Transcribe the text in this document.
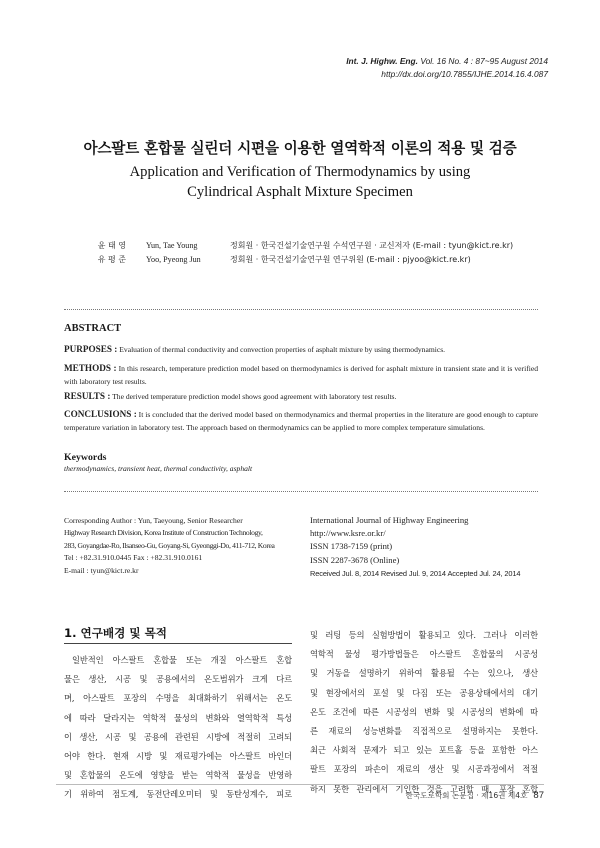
Int. J. Highw. Eng. Vol. 16 No. 4 : 87~95 August 2014
http://dx.doi.org/10.7855/IJHE.2014.16.4.087
아스팔트 혼합물 실린더 시편을 이용한 열역학적 이론의 적용 및 검증
Application and Verification of Thermodynamics by using
Cylindrical Asphalt Mixture Specimen
윤 태 영
유 평 준
Yun, Tae Young
Yoo, Pyeong Jun
정회원 · 한국건설기술연구원 수석연구원 · 교신저자 (E-mail : tyun@kict.re.kr)
정회원 · 한국건설기술연구원 연구위원 (E-mail : pjyoo@kict.re.kr)
ABSTRACT
PURPOSES : Evaluation of thermal conductivity and convection properties of asphalt mixture by using thermodynamics.
METHODS : In this research, temperature prediction model based on thermodynamics is derived for asphalt mixture in transient state and it is verified with laboratory test results.
RESULTS : The derived temperature prediction model shows good agreement with laboratory test results.
CONCLUSIONS : It is concluded that the derived model based on thermodynamics and thermal properties in the literature are good enough to capture temperature variation in laboratory test. The approach based on thermodynamics can be applied to more complex temperature simulations.
Keywords
thermodynamics, transient heat, thermal conductivity, asphalt
Corresponding Author : Yun, Taeyoung, Senior Researcher
Highway Research Division, Korea Institute of Construction Technology,
283, Goyangdae-Ro, Ilsanseo-Gu, Goyang-Si, Gyeonggi-Do, 411-712, Korea
Tel : +82.31.910.0445 Fax : +82.31.910.0161
E-mail : tyun@kict.re.kr
International Journal of Highway Engineering
http://www.ksre.or.kr/
ISSN 1738-7159 (print)
ISSN 2287-3678 (Online)
Received Jul. 8, 2014 Revised Jul. 9, 2014 Accepted Jul. 24, 2014
1. 연구배경 및 목적
일반적인 아스팔트 혼합물 또는 개질 아스팔트 혼합
물은 생산, 시공 및 공용에서의 온도범위가 크게 다르
며, 아스팔트 포장의 수명을 최대화하기 위해서는 온도
에 따라 달라지는 역학적 물성의 변화와 열역학적 특성
이 생산, 시공 및 공용에 관련된 시방에 적절히 고려되
어야 한다. 현재 시방 및 재료평가에는 아스팔트 바인더
및 혼합물의 온도에 영향을 받는 역학적 물성을 반영하
기 위하여 점도계, 동전단레오미터 및 동탄성계수, 피로
및 러팅 등의 실험방법이 활용되고 있다. 그러나 이러한
역학적 물성 평가방법들은 아스팔트 혼합물의 시공성
및 거동을 설명하기 위하여 활용될 수는 있으나, 생산
및 현장에서의 포설 및 다짐 또는 공용상태에서의 대기
온도 조건에 따른 시공성의 변화 및 시공성의 변화에 따
른 재료의 성능변화를 직접적으로 설명하지는 못한다.
최근 사회적 문제가 되고 있는 포트홀 등을 포함한 아스
팔트 포장의 파손이 재료의 생산 및 시공과정에서 적절
하지 못한 관리에서 기인한 것을 고려할 때, 포장 혼합
한국도로학회 논문집 · 제16권 제4호 87
